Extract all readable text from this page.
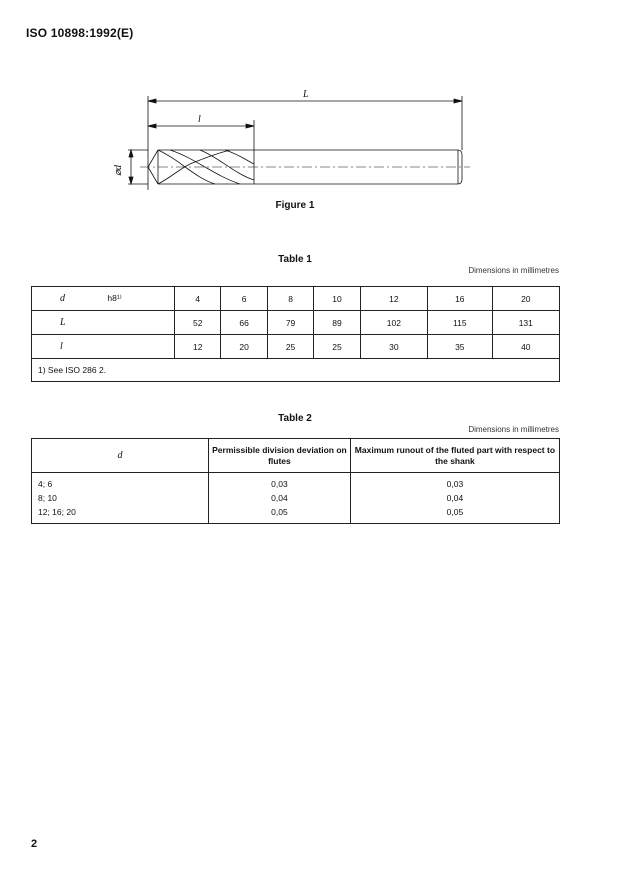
ISO 10898:1992(E)
L
l
⌀d
Figure 1
Table 1
Dimensions in millimetres
d h8¹⁾	4	6	8	10	12	16	20
L	52	66	79	89	102	115	131
l	12	20	25	25	30	35	40
1) See ISO 286 2.							
Table 2
Dimensions in millimetres
d	Permissible division deviation on flutes	Maximum runout of the fluted part with respect to the shank
4; 6	0,03	0,03
8; 10	0,04	0,04
12; 16; 20	0,05	0,05
2
